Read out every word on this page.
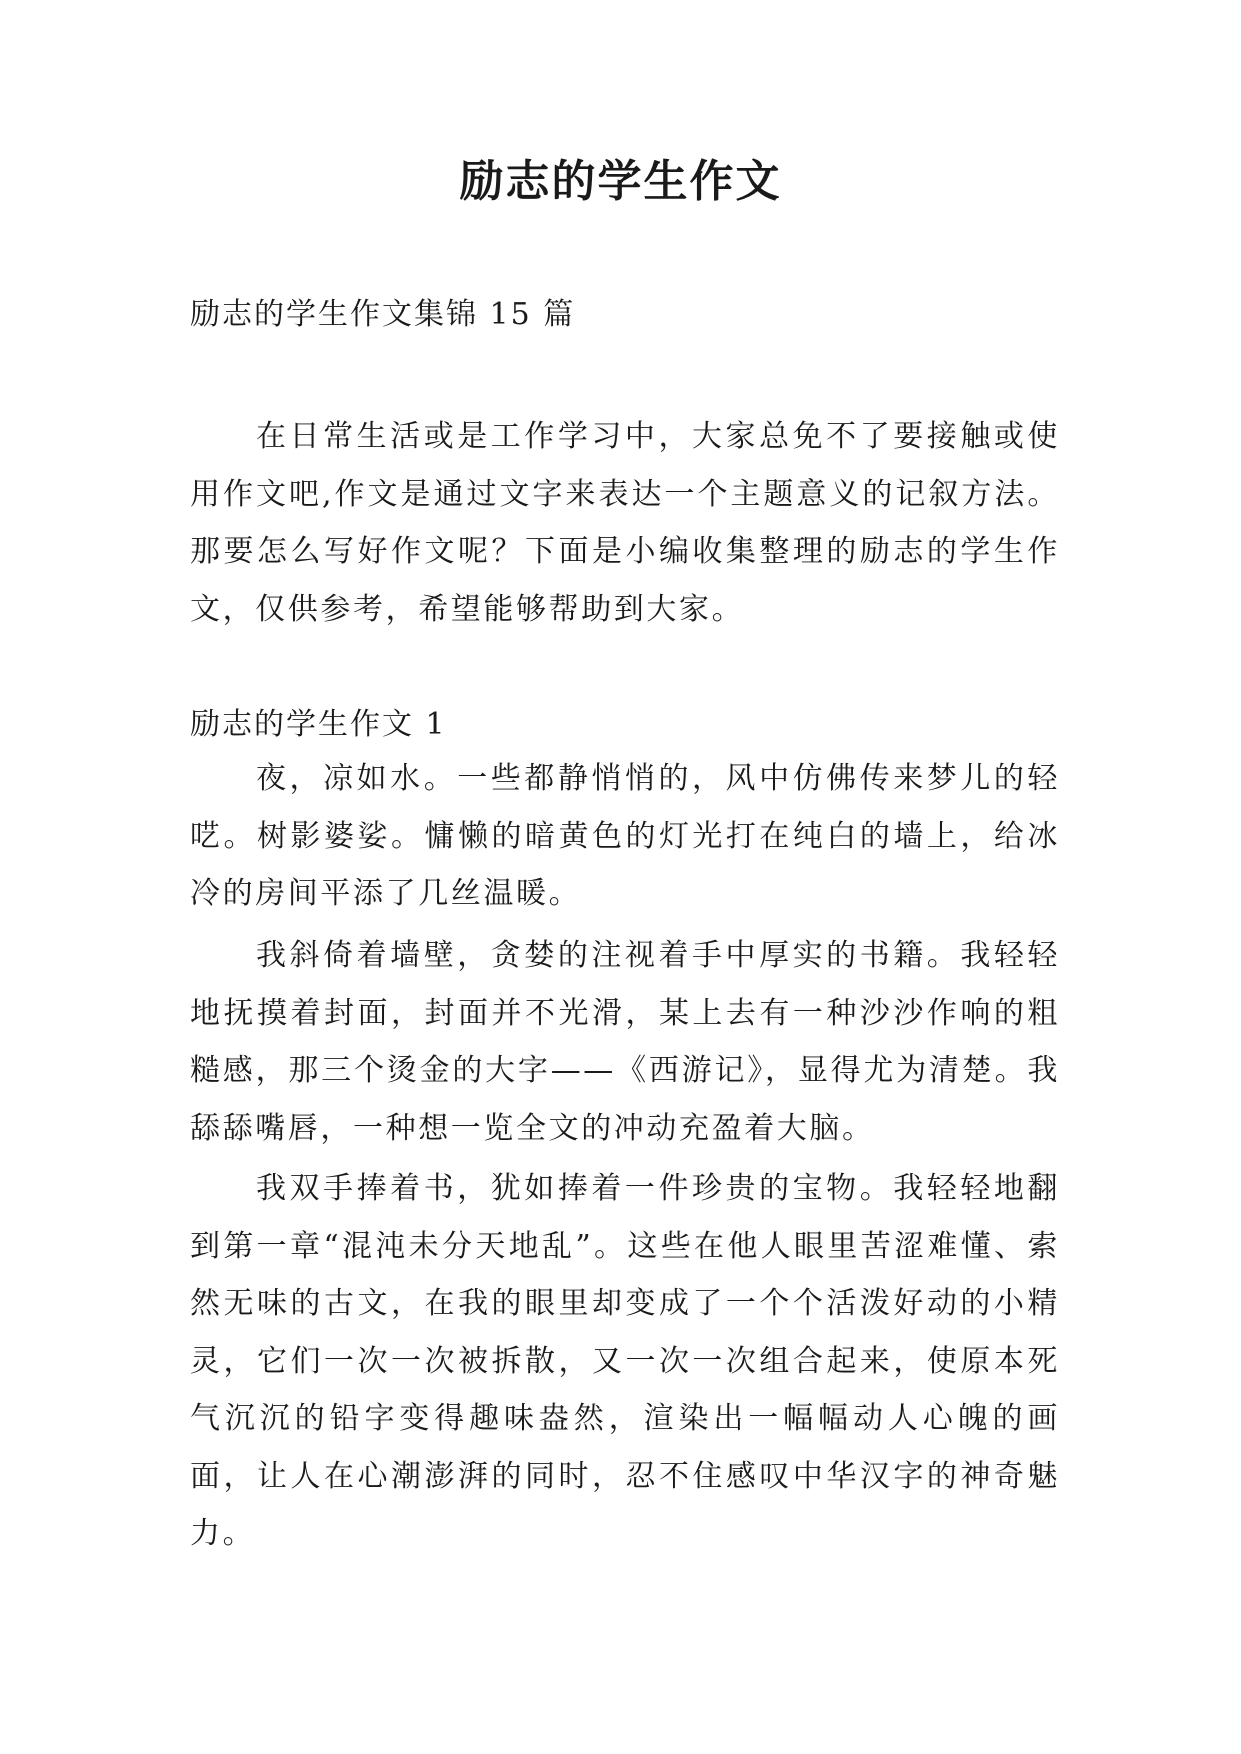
励志的学生作文

励志的学生作文集锦 15 篇

在日常生活或是工作学习中，大家总免不了要接触或使用作文吧,作文是通过文字来表达一个主题意义的记叙方法。那要怎么写好作文呢？下面是小编收集整理的励志的学生作文，仅供参考，希望能够帮助到大家。

励志的学生作文 1

夜，凉如水。一些都静悄悄的，风中仿佛传来梦儿的轻呓。树影婆娑。慵懒的暗黄色的灯光打在纯白的墙上，给冰冷的房间平添了几丝温暖。

我斜倚着墙壁，贪婪的注视着手中厚实的书籍。我轻轻地抚摸着封面，封面并不光滑，某上去有一种沙沙作响的粗糙感，那三个烫金的大字——《西游记》，显得尤为清楚。我舔舔嘴唇，一种想一览全文的冲动充盈着大脑。

我双手捧着书，犹如捧着一件珍贵的宝物。我轻轻地翻到第一章“混沌未分天地乱”。这些在他人眼里苦涩难懂、索然无味的古文，在我的眼里却变成了一个个活泼好动的小精灵，它们一次一次被拆散，又一次一次组合起来，使原本死气沉沉的铅字变得趣味盎然，渲染出一幅幅动人心魄的画面，让人在心潮澎湃的同时，忍不住感叹中华汉字的神奇魅力。
